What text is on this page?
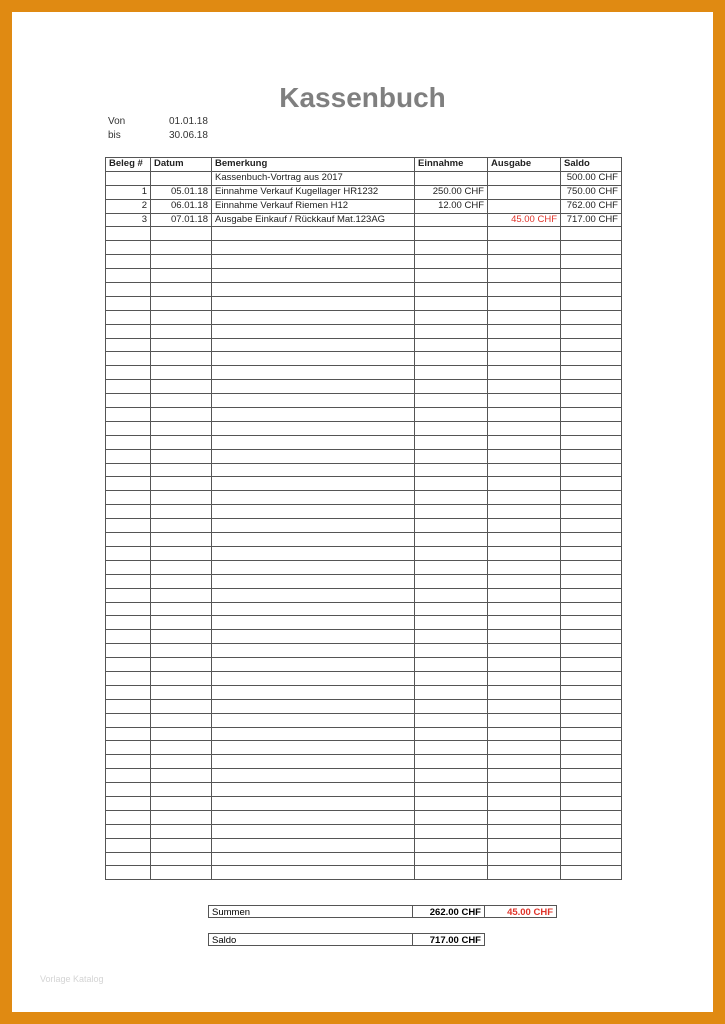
Kassenbuch
Von	01.01.18
bis	30.06.18
Beleg #	Datum	Bemerkung	Einnahme	Ausgabe	Saldo
		Kassenbuch-Vortrag aus 2017			500.00 CHF
1	05.01.18	Einnahme Verkauf Kugellager HR1232	250.00 CHF		750.00 CHF
2	06.01.18	Einnahme Verkauf Riemen H12	12.00 CHF		762.00 CHF
3	07.01.18	Ausgabe Einkauf / Rückkauf Mat.123AG		45.00 CHF	717.00 CHF

Summen	262.00 CHF	45.00 CHF
Saldo	717.00 CHF
Vorlage Katalog
